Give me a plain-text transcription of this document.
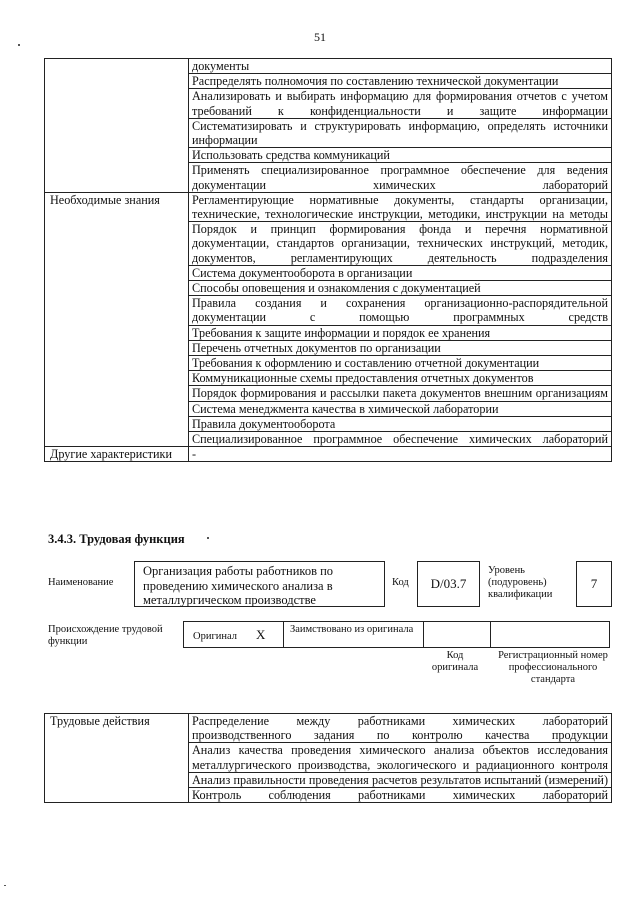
51
	документы
	Распределять полномочия по составлению технической документации
	Анализировать и выбирать информацию для формирования отчетов с учетом требований к конфиденциальности и защите информации
	Систематизировать и структурировать информацию, определять источники информации
	Использовать средства коммуникаций
	Применять специализированное программное обеспечение для ведения документации химических лабораторий
Необходимые знания	Регламентирующие нормативные документы, стандарты организации, технические, технологические инструкции, методики, инструкции на методы
	Порядок и принцип формирования фонда и перечня нормативной документации, стандартов организации, технических инструкций, методик, документов, регламентирующих деятельность подразделения
	Система документооборота в организации
	Способы оповещения и ознакомления с документацией
	Правила создания и сохранения организационно-распорядительной документации с помощью программных средств
	Требования к защите информации и порядок ее хранения
	Перечень отчетных документов по организации
	Требования к оформлению и составлению отчетной документации
	Коммуникационные схемы предоставления отчетных документов
	Порядок формирования и рассылки пакета документов внешним организациям
	Система менеджмента качества в химической лаборатории
	Правила документооборота
	Специализированное программное обеспечение химических лабораторий
Другие характеристики	-
3.4.3. Трудовая функция
Наименование
Организация работы работников по проведению химического анализа в металлургическом производстве
Код	D/03.7
Уровень (подуровень) квалификации
7
Происхождение трудовой функции	Оригинал X Заимствовано из оригинала
Код оригинала
Регистрационный номер профессионального стандарта
Трудовые действия	Распределение между работниками химических лабораторий производственного задания по контролю качества продукции
Анализ качества проведения химического анализа объектов исследования металлургического производства, экологического и радиационного контроля
Анализ правильности проведения расчетов результатов испытаний (измерений)
Контроль соблюдения работниками химических лабораторий
